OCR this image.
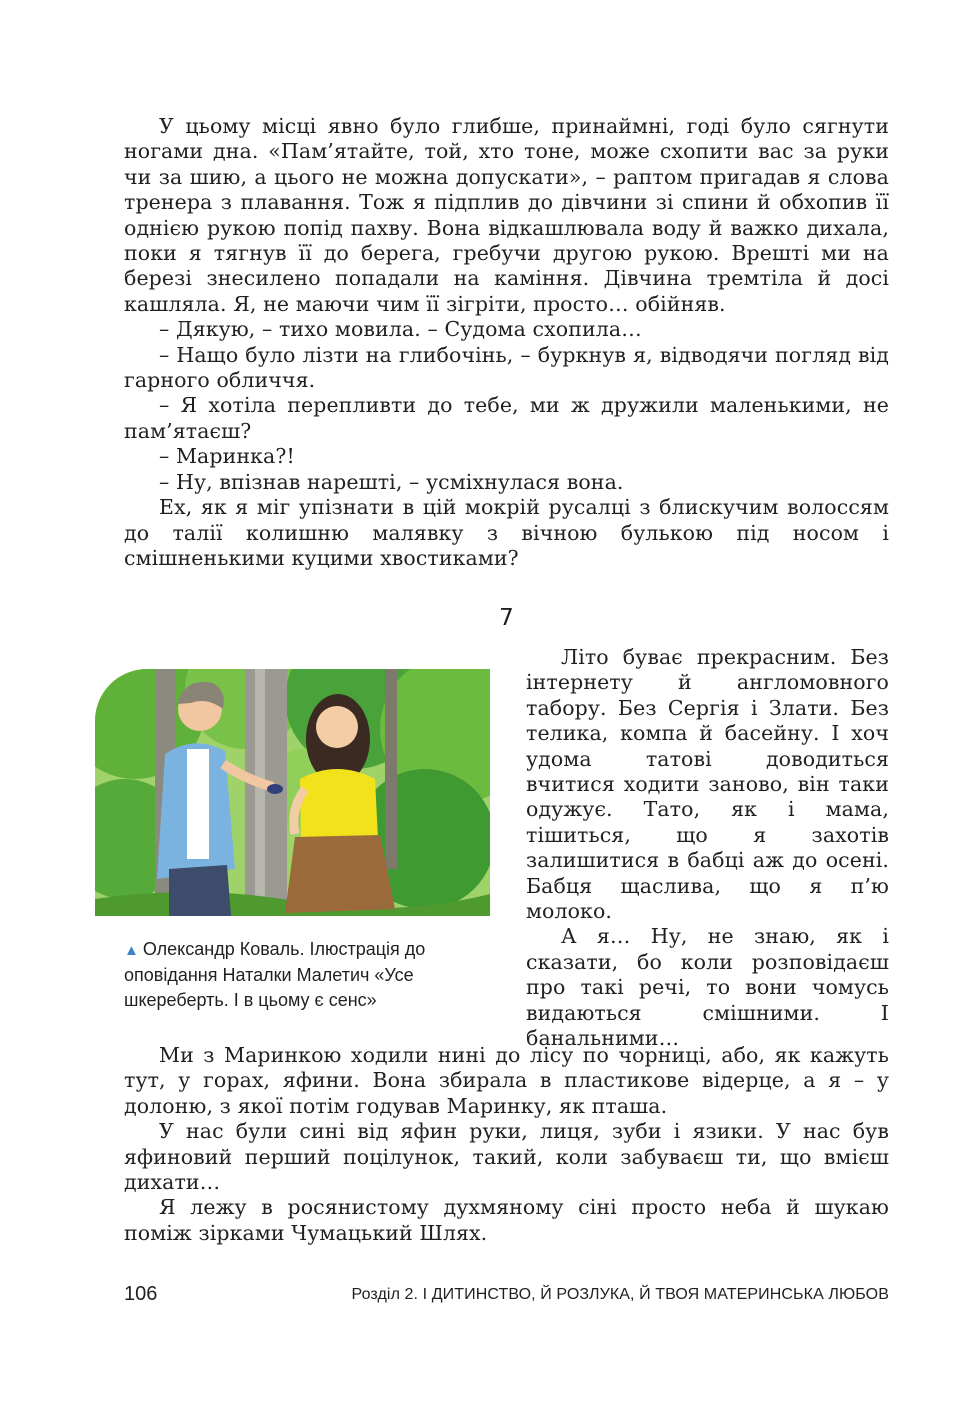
У цьому місці явно було глибше, принаймні, годі було сягнути ногами дна. «Пам’ятайте, той, хто тоне, може схопити вас за руки чи за шию, а цього не можна допускати», – раптом пригадав я слова тренера з плавання. Тож я підплив до дівчини зі спини й обхопив її однією рукою попід пахву. Вона відкашлювала воду й важко дихала, поки я тягнув її до берега, гребучи другою рукою. Врешті ми на березі знесилено попадали на каміння. Дівчина тремтіла й досі кашляла. Я, не маючи чим її зігріти, просто… обійняв.

– Дякую, – тихо мовила. – Судома схопила…

– Нащо було лізти на глибочінь, – буркнув я, відводячи погляд від гарного обличчя.

– Я хотіла перепливти до тебе, ми ж дружили маленькими, не пам’ятаєш?

– Маринка?!

– Ну, впізнав нарешті, – усміхнулася вона.

Ех, як я міг упізнати в цій мокрій русалці з блискучим волоссям до талії колишню малявку з вічною булькою під носом і смішненькими куцими хвостиками?

7
▲ Олександр Коваль. Ілюстрація до оповідання Наталки Малетич «Усе шкереберть. І в цьому є сенс»

Літо буває прекрасним. Без інтернету й англомовного табору. Без Сергія і Злати. Без телика, компа й басейну. І хоч удома татові доводиться вчитися ходити заново, він таки одужує. Тато, як і мама, тішиться, що я захотів залишитися в бабці аж до осені. Бабця щаслива, що я п’ю молоко.

А я… Ну, не знаю, як і сказати, бо коли розповідаєш про такі речі, то вони чомусь видаються смішними. І банальними…

Ми з Маринкою ходили нині до лісу по чорниці, або, як кажуть тут, у горах, яфини. Вона збирала в пластикове відерце, а я – у долоню, з якої потім годував Маринку, як пташа.

У нас були сині від яфин руки, лиця, зуби і язики. У нас був яфиновий перший поцілунок, такий, коли забуваєш ти, що вмієш дихати…

Я лежу в росянистому духмяному сіні просто неба й шукаю поміж зірками Чумацький Шлях.

106	Розділ 2. І ДИТИНСТВО, Й РОЗЛУКА, Й ТВОЯ МАТЕРИНСЬКА ЛЮБОВ
